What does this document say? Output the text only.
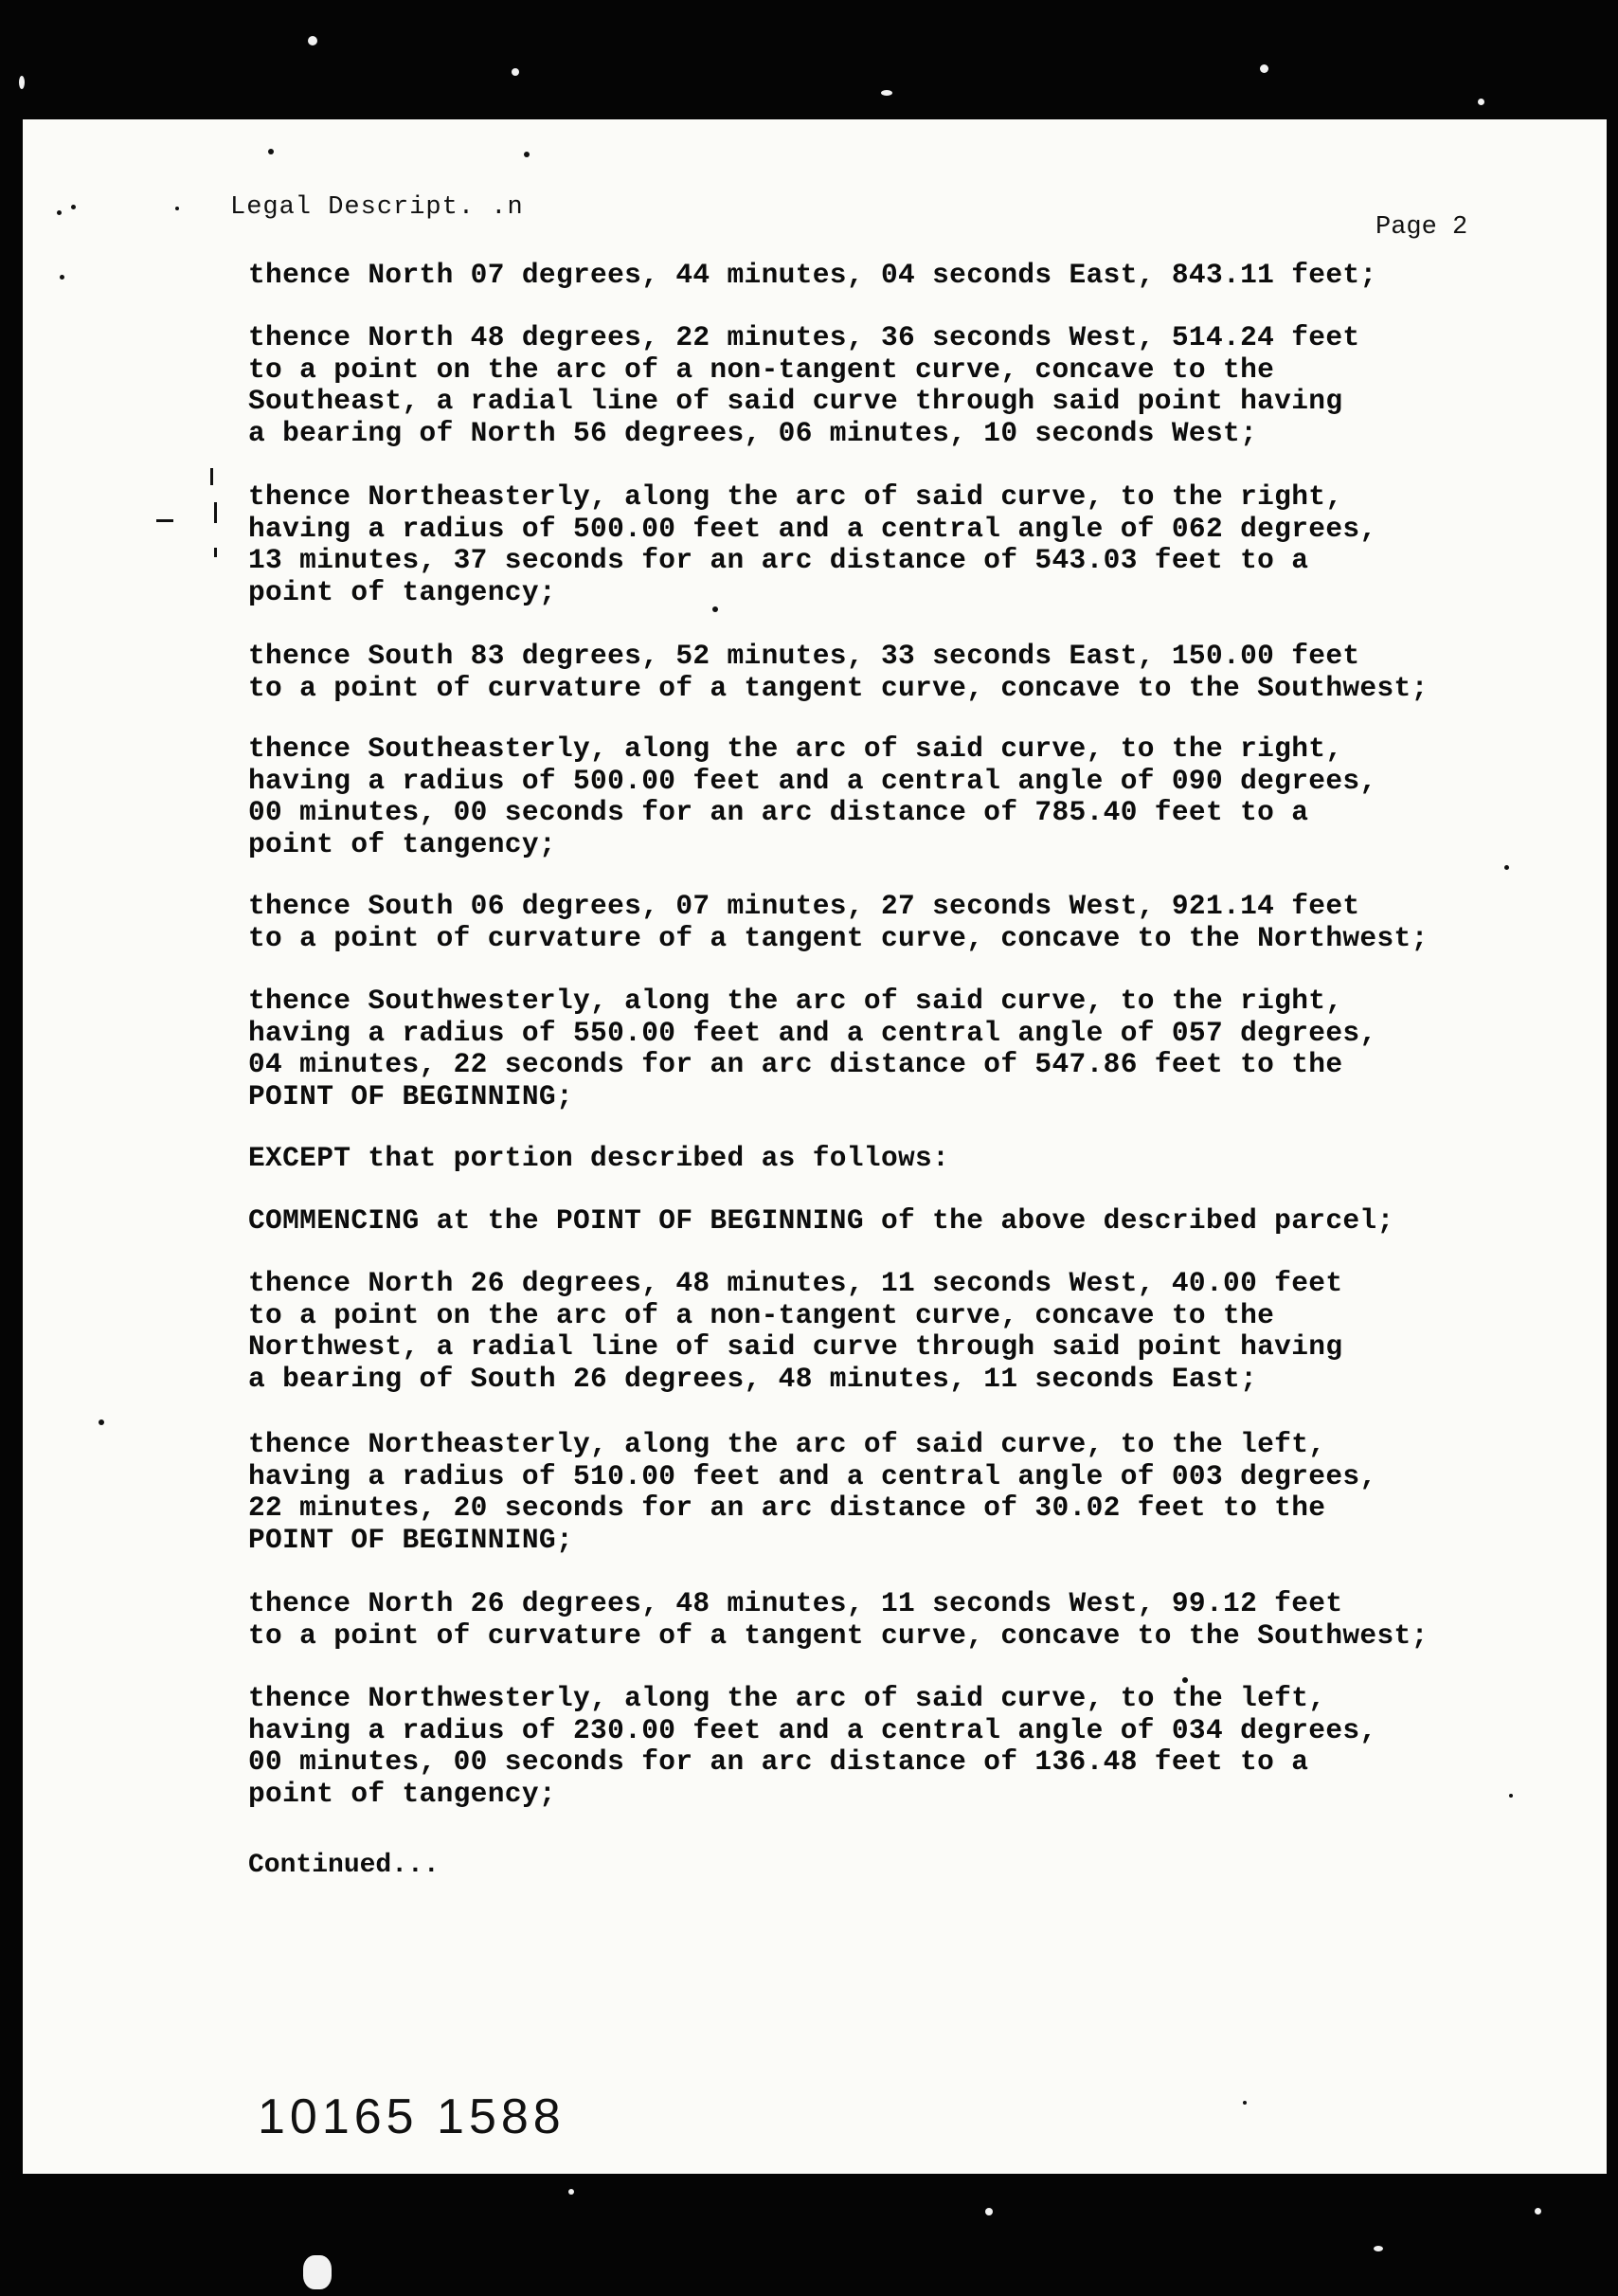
Legal Descript. .n
Page 2
thence North 07 degrees, 44 minutes, 04 seconds East, 843.11 feet;
thence North 48 degrees, 22 minutes, 36 seconds West, 514.24 feet
to a point on the arc of a non-tangent curve, concave to the
Southeast, a radial line of said curve through said point having
a bearing of North 56 degrees, 06 minutes, 10 seconds West;
thence Northeasterly, along the arc of said curve, to the right,
having a radius of 500.00 feet and a central angle of 062 degrees,
13 minutes, 37 seconds for an arc distance of 543.03 feet to a
point of tangency;
thence South 83 degrees, 52 minutes, 33 seconds East, 150.00 feet
to a point of curvature of a tangent curve, concave to the Southwest;
thence Southeasterly, along the arc of said curve, to the right,
having a radius of 500.00 feet and a central angle of 090 degrees,
00 minutes, 00 seconds for an arc distance of 785.40 feet to a
point of tangency;
thence South 06 degrees, 07 minutes, 27 seconds West, 921.14 feet
to a point of curvature of a tangent curve, concave to the Northwest;
thence Southwesterly, along the arc of said curve, to the right,
having a radius of 550.00 feet and a central angle of 057 degrees,
04 minutes, 22 seconds for an arc distance of 547.86 feet to the
POINT OF BEGINNING;
EXCEPT that portion described as follows:
COMMENCING at the POINT OF BEGINNING of the above described parcel;
thence North 26 degrees, 48 minutes, 11 seconds West, 40.00 feet
to a point on the arc of a non-tangent curve, concave to the
Northwest, a radial line of said curve through said point having
a bearing of South 26 degrees, 48 minutes, 11 seconds East;
thence Northeasterly, along the arc of said curve, to the left,
having a radius of 510.00 feet and a central angle of 003 degrees,
22 minutes, 20 seconds for an arc distance of 30.02 feet to the
POINT OF BEGINNING;
thence North 26 degrees, 48 minutes, 11 seconds West, 99.12 feet
to a point of curvature of a tangent curve, concave to the Southwest;
thence Northwesterly, along the arc of said curve, to the left,
having a radius of 230.00 feet and a central angle of 034 degrees,
00 minutes, 00 seconds for an arc distance of 136.48 feet to a
point of tangency;
Continued...
10165 1588
